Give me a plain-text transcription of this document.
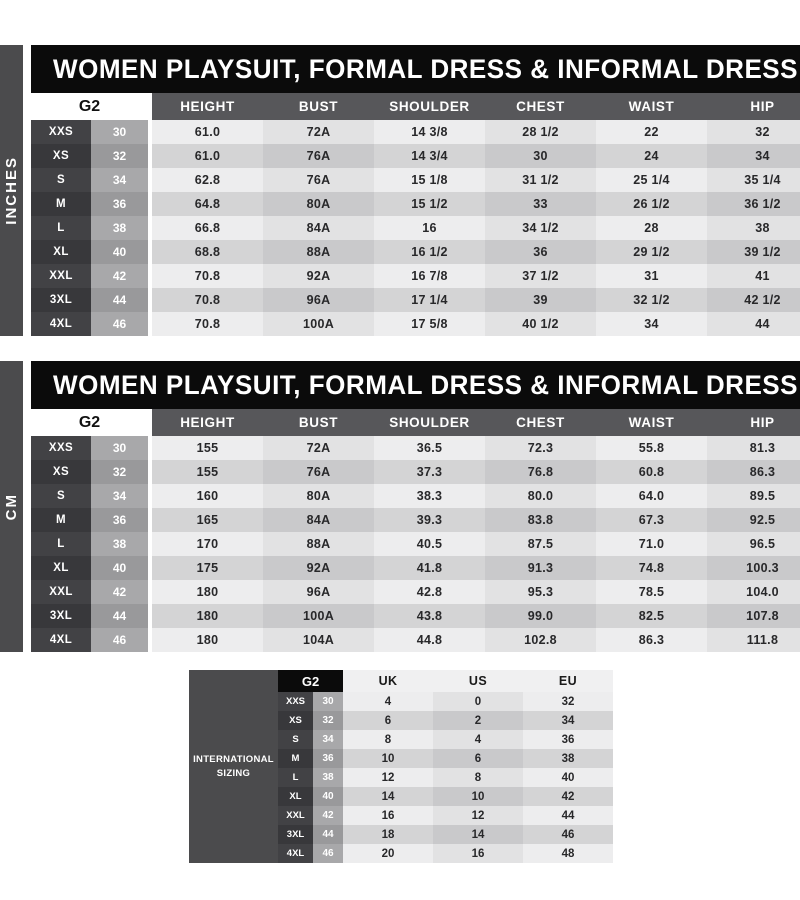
INCHES
WOMEN PLAYSUIT, FORMAL DRESS & INFORMAL DRESS
G2	HEIGHT	BUST	SHOULDER	CHEST	WAIST	HIP
XXS	30	61.0	72A	14 3/8	28 1/2	22	32
XS	32	61.0	76A	14 3/4	30	24	34
S	34	62.8	76A	15 1/8	31 1/2	25 1/4	35 1/4
M	36	64.8	80A	15 1/2	33	26 1/2	36 1/2
L	38	66.8	84A	16	34 1/2	28	38
XL	40	68.8	88A	16 1/2	36	29 1/2	39 1/2
XXL	42	70.8	92A	16 7/8	37 1/2	31	41
3XL	44	70.8	96A	17 1/4	39	32 1/2	42 1/2
4XL	46	70.8	100A	17 5/8	40 1/2	34	44
CM
WOMEN PLAYSUIT, FORMAL DRESS & INFORMAL DRESS
G2	HEIGHT	BUST	SHOULDER	CHEST	WAIST	HIP
XXS	30	155	72A	36.5	72.3	55.8	81.3
XS	32	155	76A	37.3	76.8	60.8	86.3
S	34	160	80A	38.3	80.0	64.0	89.5
M	36	165	84A	39.3	83.8	67.3	92.5
L	38	170	88A	40.5	87.5	71.0	96.5
XL	40	175	92A	41.8	91.3	74.8	100.3
XXL	42	180	96A	42.8	95.3	78.5	104.0
3XL	44	180	100A	43.8	99.0	82.5	107.8
4XL	46	180	104A	44.8	102.8	86.3	111.8
INTERNATIONAL SIZING
G2	UK	US	EU
XXS	30	4	0	32
XS	32	6	2	34
S	34	8	4	36
M	36	10	6	38
L	38	12	8	40
XL	40	14	10	42
XXL	42	16	12	44
3XL	44	18	14	46
4XL	46	20	16	48
